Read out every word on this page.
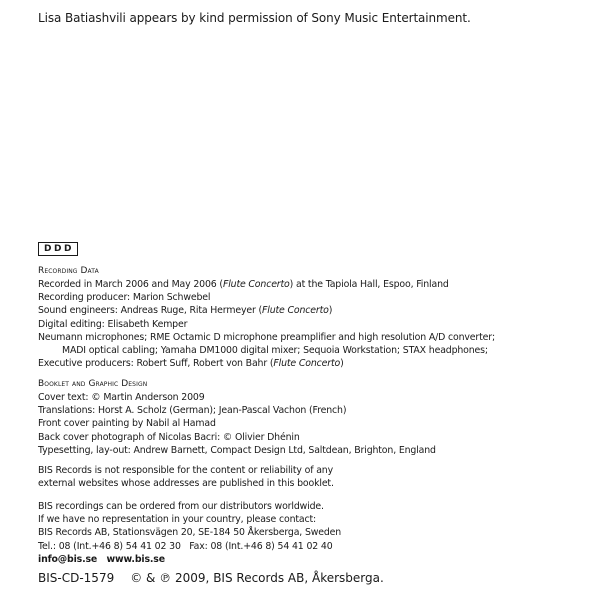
Lisa Batiashvili appears by kind permission of Sony Music Entertainment.
DDD
Recording Data
Recorded in March 2006 and May 2006 (Flute Concerto) at the Tapiola Hall, Espoo, Finland
Recording producer: Marion Schwebel
Sound engineers: Andreas Ruge, Rita Hermeyer (Flute Concerto)
Digital editing: Elisabeth Kemper
Neumann microphones; RME Octamic D microphone preamplifier and high resolution A/D converter;
MADI optical cabling; Yamaha DM1000 digital mixer; Sequoia Workstation; STAX headphones;
Executive producers: Robert Suff, Robert von Bahr (Flute Concerto)
Booklet and Graphic Design
Cover text: © Martin Anderson 2009
Translations: Horst A. Scholz (German); Jean-Pascal Vachon (French)
Front cover painting by Nabil al Hamad
Back cover photograph of Nicolas Bacri: © Olivier Dhénin
Typesetting, lay-out: Andrew Barnett, Compact Design Ltd, Saltdean, Brighton, England
BIS Records is not responsible for the content or reliability of any
external websites whose addresses are published in this booklet.
BIS recordings can be ordered from our distributors worldwide.
If we have no representation in your country, please contact:
BIS Records AB, Stationsvägen 20, SE-184 50 Åkersberga, Sweden
Tel.: 08 (Int.+46 8) 54 41 02 30   Fax: 08 (Int.+46 8) 54 41 02 40
info@bis.se www.bis.se
BIS-CD-1579 © & ℗ 2009, BIS Records AB, Åkersberga.
